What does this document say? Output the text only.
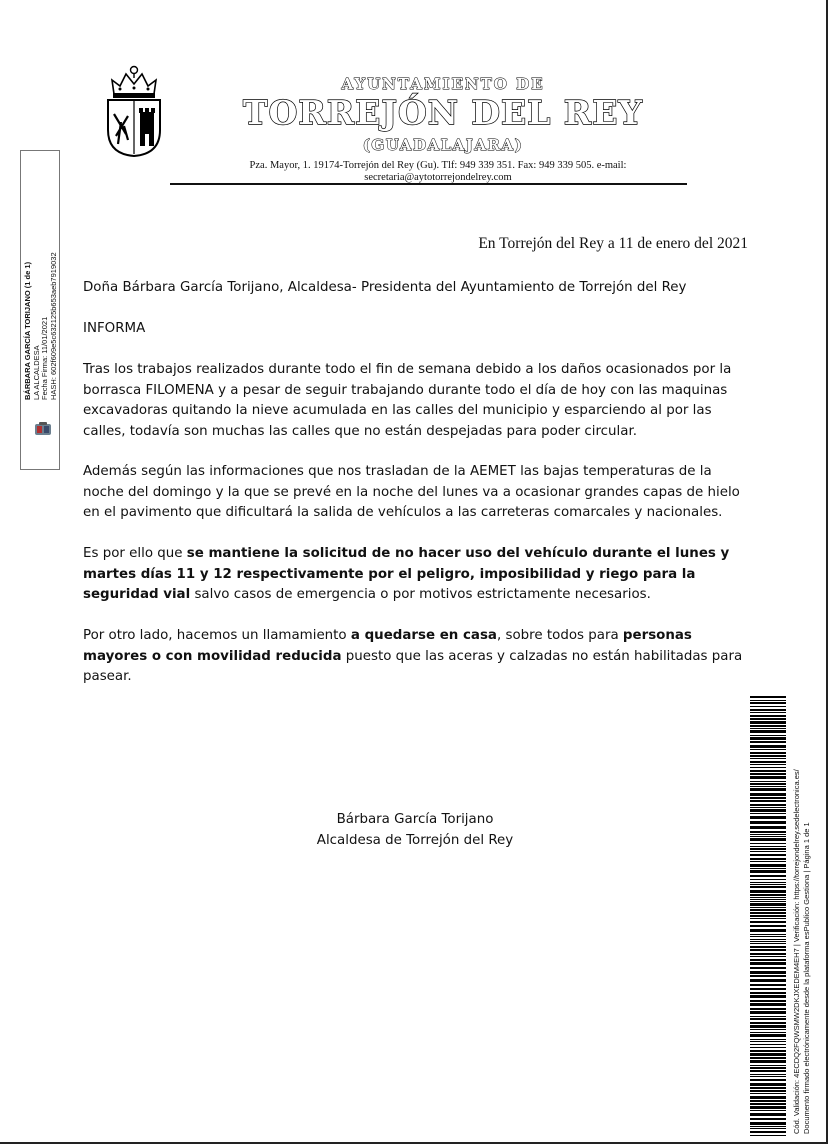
AYUNTAMIENTO DE
TORREJÓN DEL REY
(GUADALAJARA)
Pza. Mayor, 1. 19174-Torrejón del Rey (Gu). Tlf: 949 339 351. Fax: 949 339 505. e-mail:
secretaria@aytotorrejondelrey.com
BÁRBARA GARCÍA TORIJANO (1 de 1) LA ALCALDESA Fecha Firma: 11/01/2021 HASH: 602f609e5c632125b653aeb7919032
En Torrejón del Rey a 11 de enero del 2021

Doña Bárbara García Torijano, Alcaldesa- Presidenta del Ayuntamiento de Torrejón del Rey

INFORMA

Tras los trabajos realizados durante todo el fin de semana debido a los daños ocasionados por la borrasca FILOMENA y a pesar de seguir trabajando durante todo el día de hoy con las maquinas excavadoras quitando la nieve acumulada en las calles del municipio y esparciendo al por las calles, todavía son muchas las calles que no están despejadas para poder circular.

Además según las informaciones que nos trasladan de la AEMET las bajas temperaturas de la noche del domingo y la que se prevé en la noche del lunes va a ocasionar grandes capas de hielo en el pavimento que dificultará la salida de vehículos a las carreteras comarcales y nacionales.

Es por ello que se mantiene la solicitud de no hacer uso del vehículo durante el lunes y martes días 11 y 12 respectivamente por el peligro, imposibilidad y riego para la seguridad vial salvo casos de emergencia o por motivos estrictamente necesarios.

Por otro lado, hacemos un llamamiento a quedarse en casa, sobre todos para personas mayores o con movilidad reducida puesto que las aceras y calzadas no están habilitadas para pasear.

Bárbara García Torijano
Alcaldesa de Torrejón del Rey	Cód. Validación: 4ECDQ2FQWSMW2DKJXEDEM4EH7 | Verificación: https://torrejondelrey.sedelectronica.es/ Documento firmado electrónicamente desde la plataforma esPublico Gestiona | Página 1 de 1
